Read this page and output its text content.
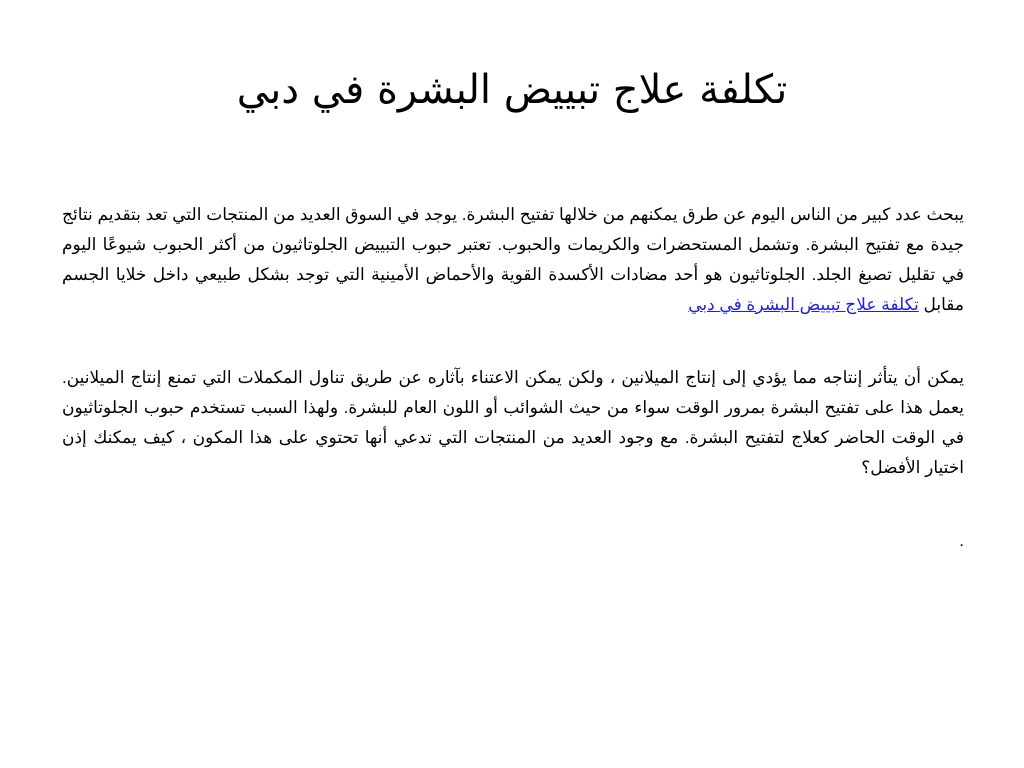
تكلفة علاج تبييض البشرة في دبي

يبحث عدد كبير من الناس اليوم عن طرق يمكنهم من خلالها تفتيح البشرة. يوجد في السوق العديد من المنتجات التي تعد بتقديم نتائج جيدة مع تفتيح البشرة. وتشمل المستحضرات والكريمات والحبوب. تعتبر حبوب التبييض الجلوتاثيون من أكثر الحبوب شيوعًا اليوم في تقليل تصبغ الجلد. الجلوتاثيون هو أحد مضادات الأكسدة القوية والأحماض الأمينية التي توجد بشكل طبيعي داخل خلايا الجسم مقابل تكلفة علاج تبييض البشرة في دبي

يمكن أن يتأثر إنتاجه مما يؤدي إلى إنتاج الميلانين ، ولكن يمكن الاعتناء بآثاره عن طريق تناول المكملات التي تمنع إنتاج الميلانين. يعمل هذا على تفتيح البشرة بمرور الوقت سواء من حيث الشوائب أو اللون العام للبشرة. ولهذا السبب تستخدم حبوب الجلوتاثيون في الوقت الحاضر كعلاج لتفتيح البشرة. مع وجود العديد من المنتجات التي تدعي أنها تحتوي على هذا المكون ، كيف يمكنك إذن اختيار الأفضل؟

.
